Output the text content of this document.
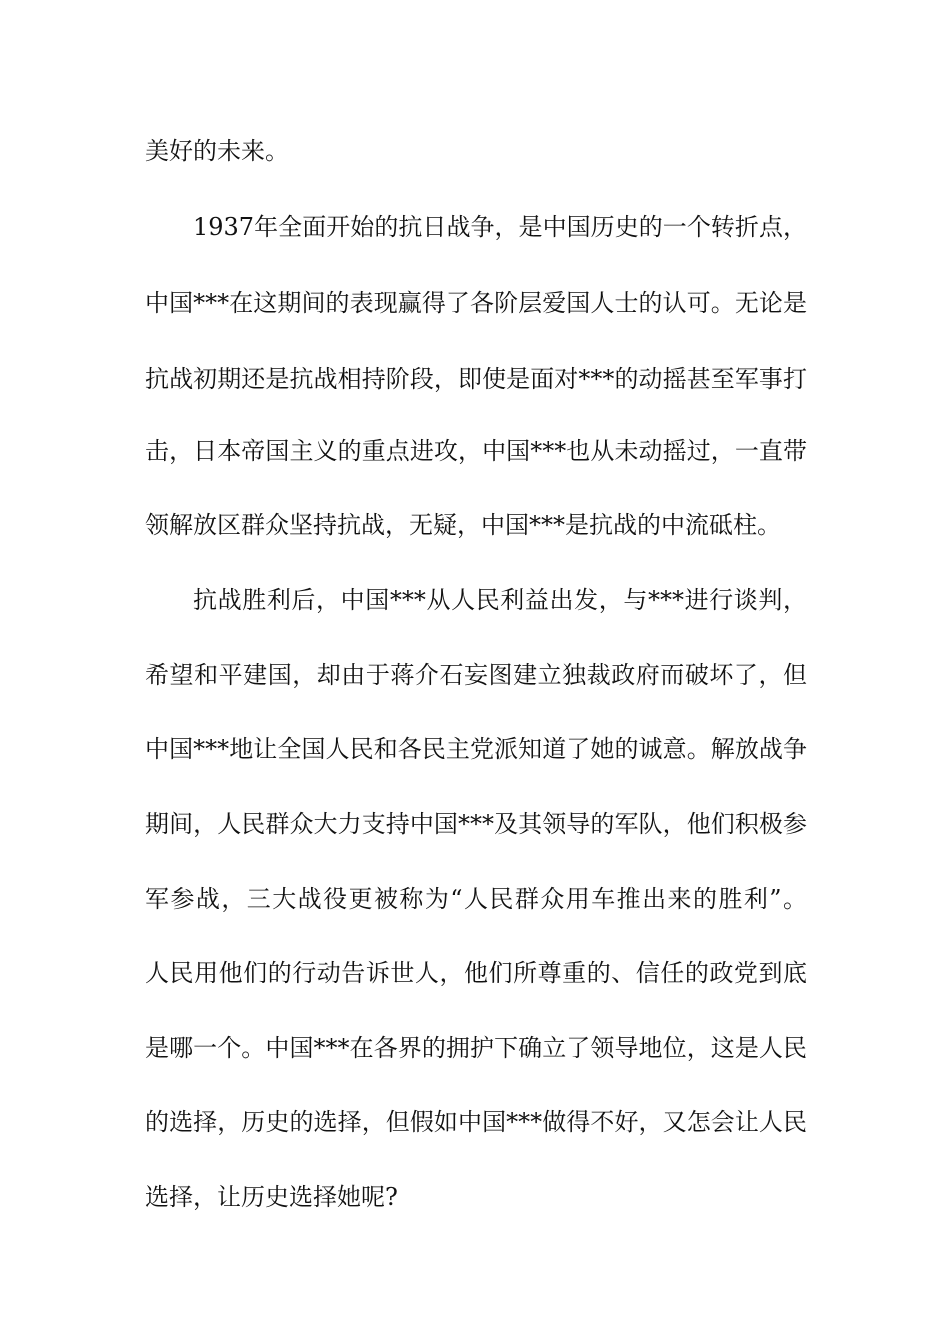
美好的未来。
1937年全面开始的抗日战争，是中国历史的一个转折点，
中国***在这期间的表现赢得了各阶层爱国人士的认可。无论是
抗战初期还是抗战相持阶段，即使是面对***的动摇甚至军事打
击，日本帝国主义的重点进攻，中国***也从未动摇过，一直带
领解放区群众坚持抗战，无疑，中国***是抗战的中流砥柱。
抗战胜利后，中国***从人民利益出发，与***进行谈判，
希望和平建国，却由于蒋介石妄图建立独裁政府而破坏了，但
中国***地让全国人民和各民主党派知道了她的诚意。解放战争
期间，人民群众大力支持中国***及其领导的军队，他们积极参
军参战，三大战役更被称为“人民群众用车推出来的胜利”。
人民用他们的行动告诉世人，他们所尊重的、信任的政党到底
是哪一个。中国***在各界的拥护下确立了领导地位，这是人民
的选择，历史的选择，但假如中国***做得不好，又怎会让人民
选择，让历史选择她呢?
